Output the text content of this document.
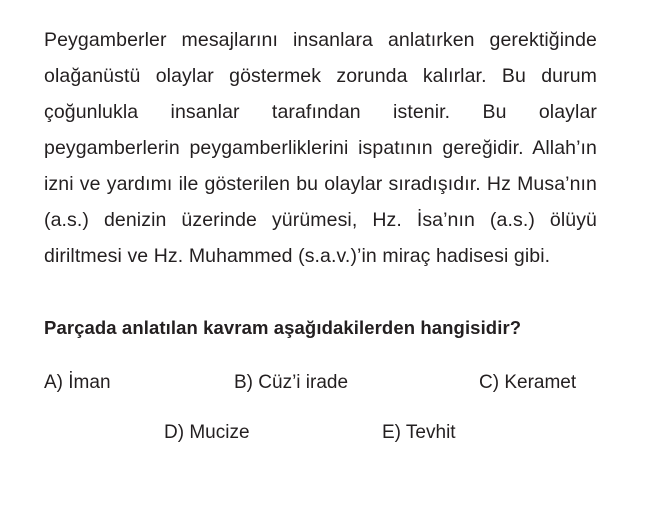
Peygamberler mesajlarını insanlara anlatırken gerektiğinde olağanüstü olaylar göstermek zorunda kalırlar. Bu durum çoğunlukla insanlar tarafından istenir. Bu olaylar peygamberlerin peygamberliklerini ispatının gereğidir. Allah’ın izni ve yardımı ile gösterilen bu olaylar sıradışıdır. Hz Musa’nın (a.s.) denizin üzerinde yürümesi, Hz. İsa’nın (a.s.) ölüyü diriltmesi ve Hz. Muhammed (s.a.v.)’in miraç hadisesi gibi.

Parçada anlatılan kavram aşağıdakilerden hangisidir?
A) İman	B) Cüz’i irade	C) Keramet
D) Mucize	E) Tevhit
